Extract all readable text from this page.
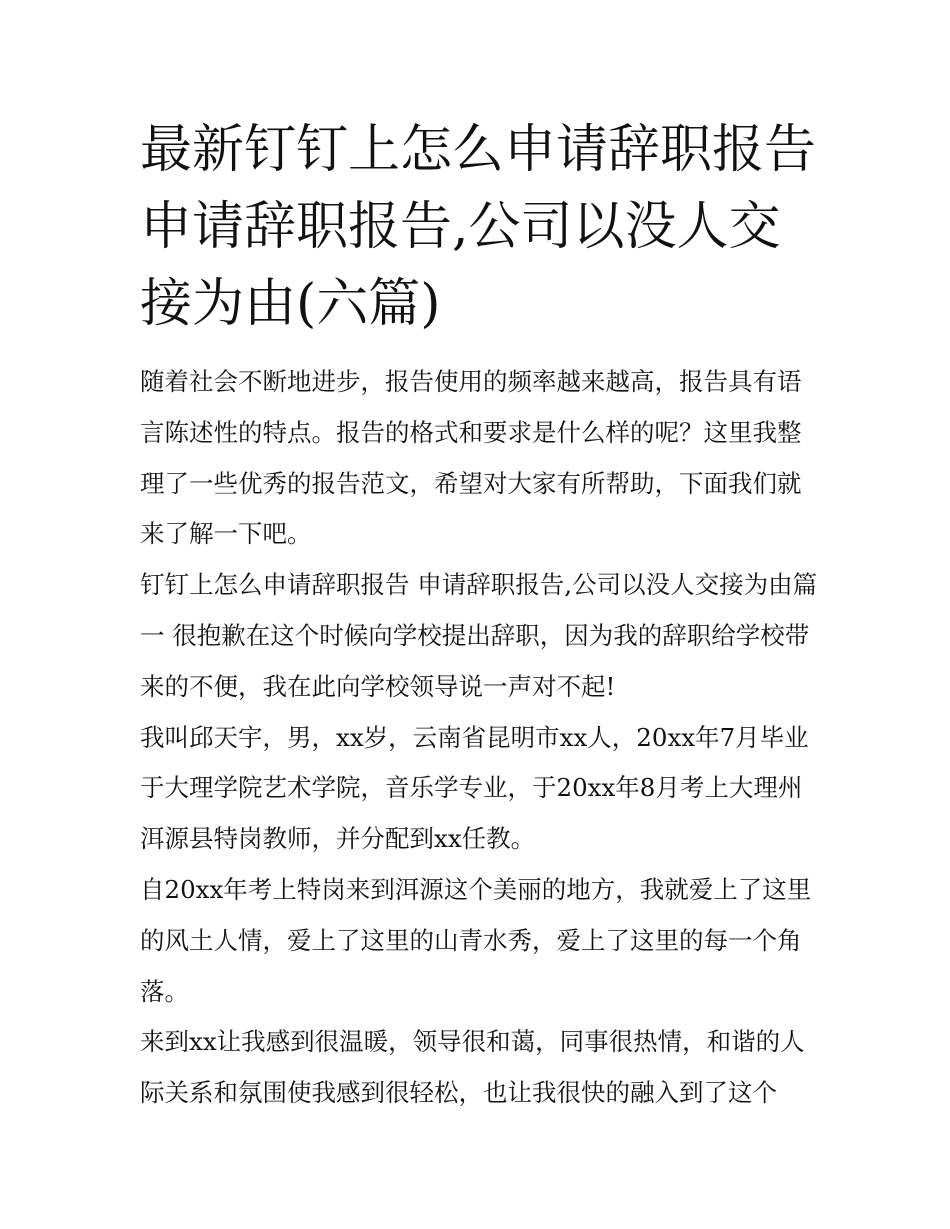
最新钉钉上怎么申请辞职报告申请辞职报告,公司以没人交接为由(六篇)

随着社会不断地进步，报告使用的频率越来越高，报告具有语言陈述性的特点。报告的格式和要求是什么样的呢？这里我整理了一些优秀的报告范文，希望对大家有所帮助，下面我们就来了解一下吧。

钉钉上怎么申请辞职报告 申请辞职报告,公司以没人交接为由篇一 很抱歉在这个时候向学校提出辞职，因为我的辞职给学校带来的不便，我在此向学校领导说一声对不起!

我叫邱天宇，男，xx岁，云南省昆明市xx人，20xx年7月毕业于大理学院艺术学院，音乐学专业，于20xx年8月考上大理州洱源县特岗教师，并分配到xx任教。

自20xx年考上特岗来到洱源这个美丽的地方，我就爱上了这里的风土人情，爱上了这里的山青水秀，爱上了这里的每一个角落。

来到xx让我感到很温暖，领导很和蔼，同事很热情，和谐的人际关系和氛围使我感到很轻松，也让我很快的融入到了这个
